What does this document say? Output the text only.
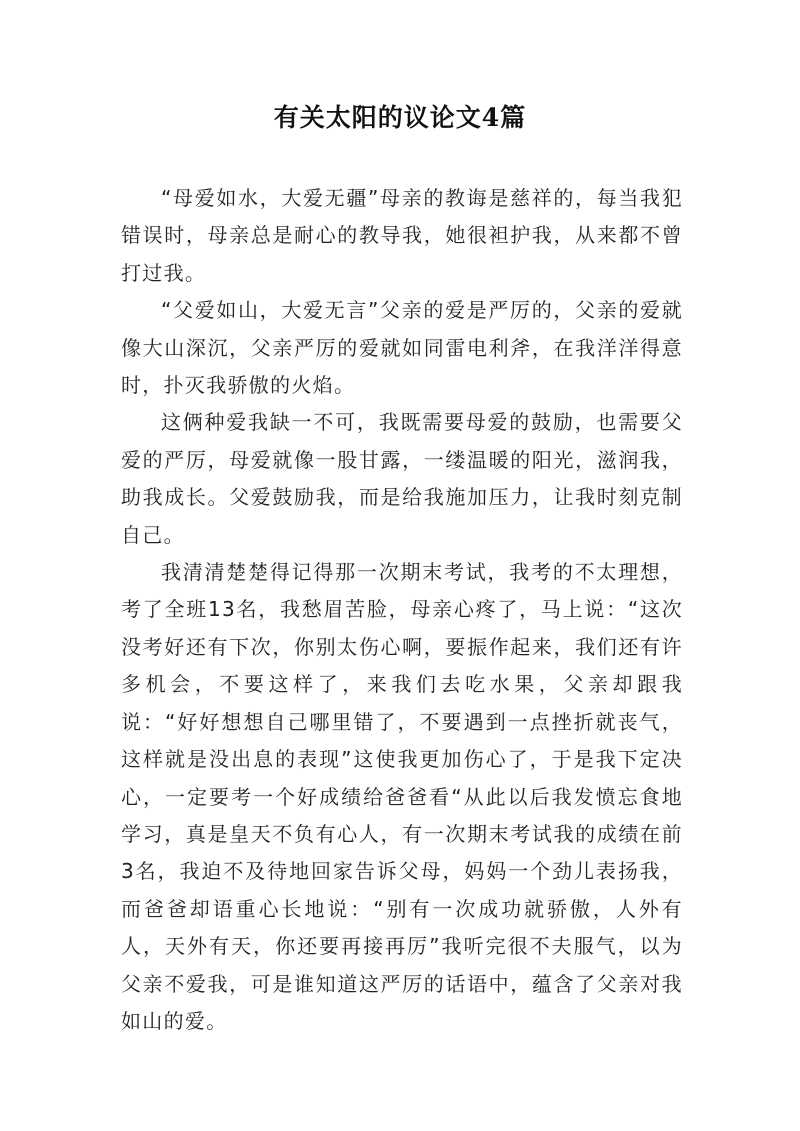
有关太阳的议论文4篇

“母爱如水，大爱无疆”母亲的教诲是慈祥的，每当我犯错误时，母亲总是耐心的教导我，她很袒护我，从来都不曾打过我。

“父爱如山，大爱无言”父亲的爱是严厉的，父亲的爱就像大山深沉，父亲严厉的爱就如同雷电利斧，在我洋洋得意时，扑灭我骄傲的火焰。

这俩种爱我缺一不可，我既需要母爱的鼓励，也需要父爱的严厉，母爱就像一股甘露，一缕温暖的阳光，滋润我，助我成长。父爱鼓励我，而是给我施加压力，让我时刻克制自己。

我清清楚楚得记得那一次期末考试，我考的不太理想，考了全班13名，我愁眉苦脸，母亲心疼了，马上说：“这次没考好还有下次，你别太伤心啊，要振作起来，我们还有许多机会，不要这样了，来我们去吃水果，父亲却跟我说：“好好想想自己哪里错了，不要遇到一点挫折就丧气，这样就是没出息的表现”这使我更加伤心了，于是我下定决心，一定要考一个好成绩给爸爸看“从此以后我发愤忘食地学习，真是皇天不负有心人，有一次期末考试我的成绩在前3名，我迫不及待地回家告诉父母，妈妈一个劲儿表扬我，而爸爸却语重心长地说：“别有一次成功就骄傲，人外有人，天外有天，你还要再接再厉”我听完很不夫服气，以为父亲不爱我，可是谁知道这严厉的话语中，蕴含了父亲对我如山的爱。
